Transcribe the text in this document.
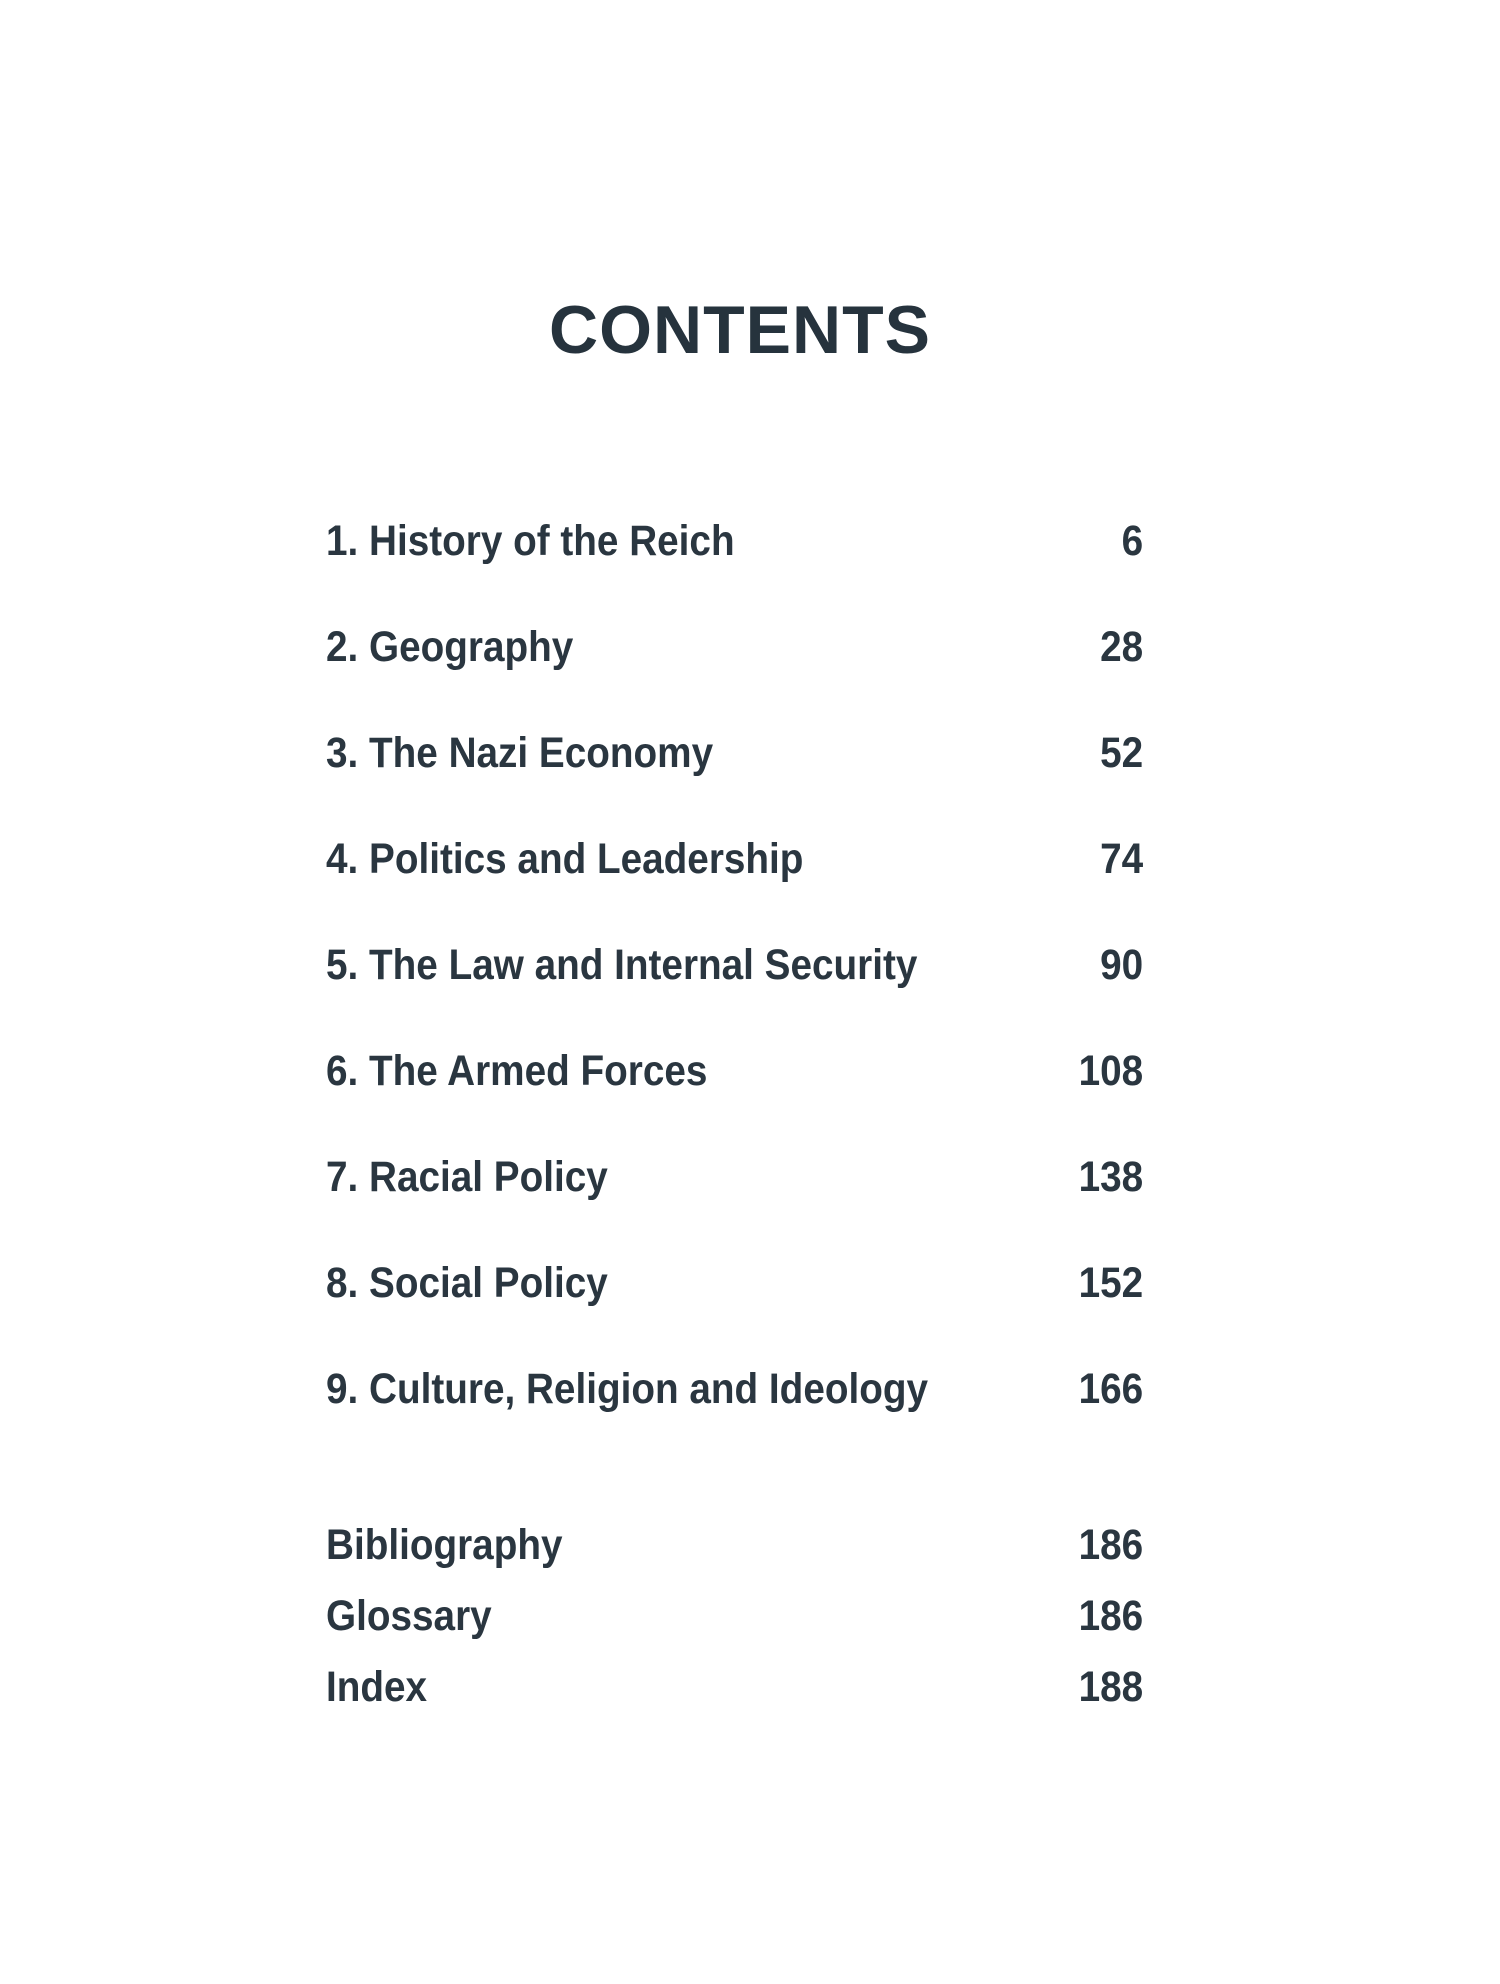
CONTENTS
1. History of the Reich	6
2. Geography	28
3. The Nazi Economy	52
4. Politics and Leadership	74
5. The Law and Internal Security	90
6. The Armed Forces	108
7. Racial Policy	138
8. Social Policy	152
9. Culture, Religion and Ideology	166
Bibliography	186
Glossary	186
Index	188
